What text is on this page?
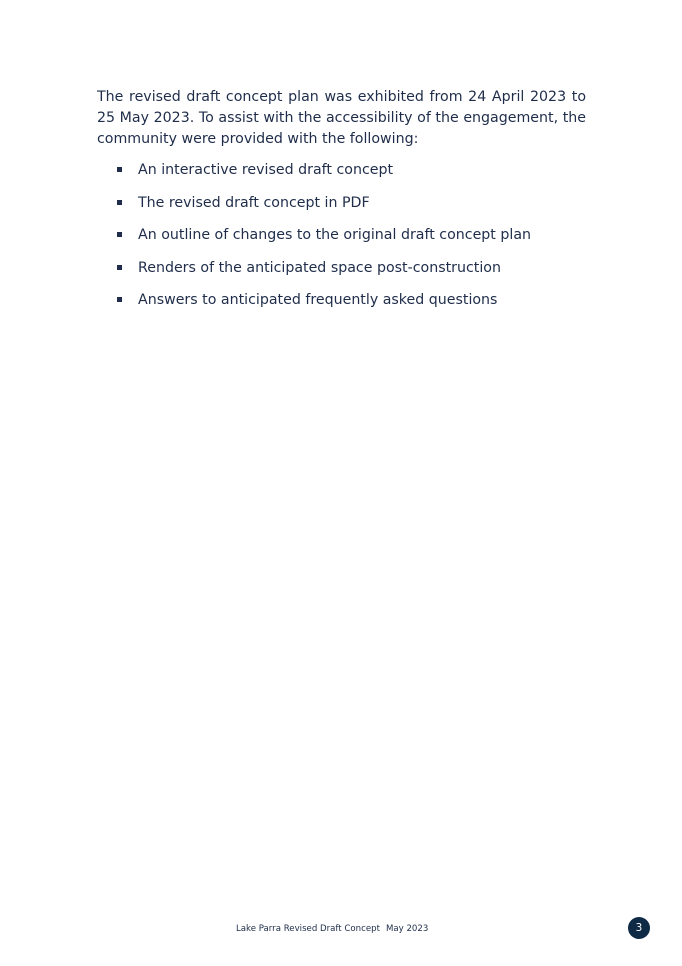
The revised draft concept plan was exhibited from 24 April 2023 to 25 May 2023. To assist with the accessibility of the engagement, the community were provided with the following:

An interactive revised draft concept
The revised draft concept in PDF
An outline of changes to the original draft concept plan
Renders of the anticipated space post-construction
Answers to anticipated frequently asked questions
Lake Parra Revised Draft Concept May 2023	3
